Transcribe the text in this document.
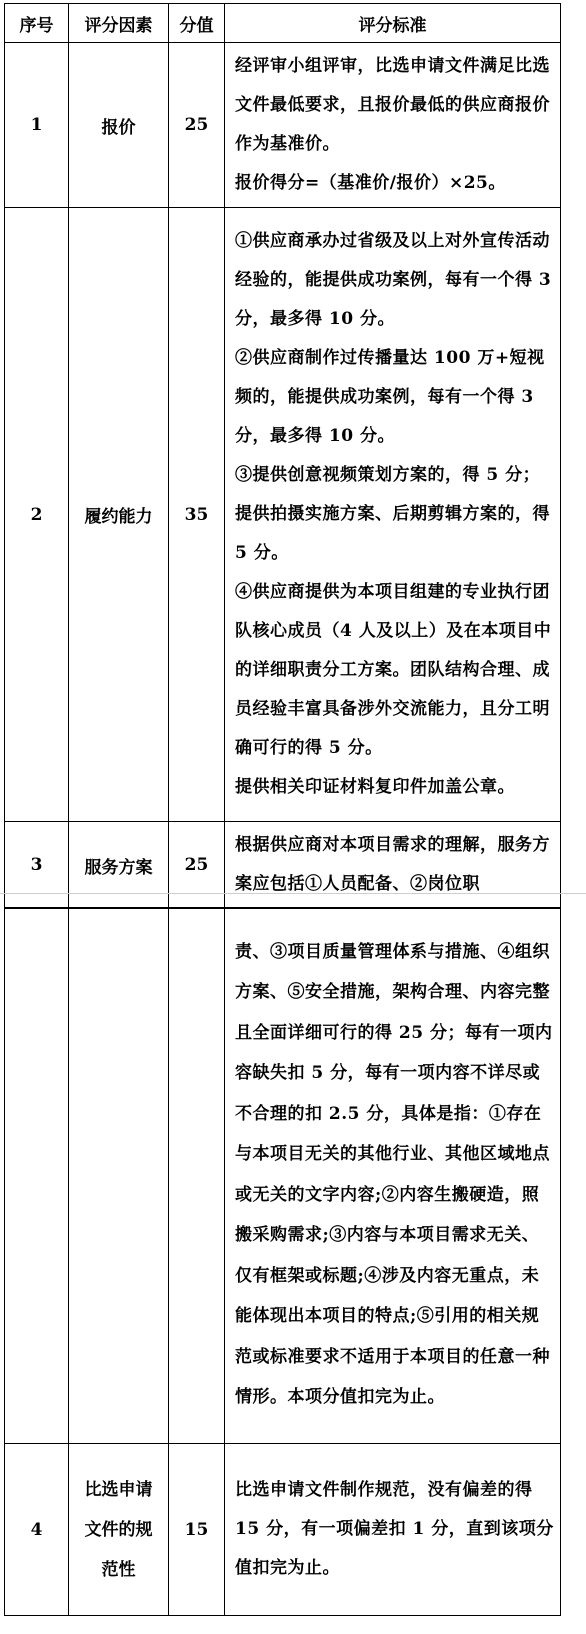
序号	评分因素	分值	评分标准
1	报价	25	经评审小组评审，比选申请文件满足比选文件最低要求，且报价最低的供应商报价作为基准价。

报价得分=（基准价/报价）×25。

2	履约能力	35	①供应商承办过省级及以上对外宣传活动经验的，能提供成功案例，每有一个得 3 分，最多得 10 分。

②供应商制作过传播量达 100 万+短视频的，能提供成功案例，每有一个得 3 分，最多得 10 分。

③提供创意视频策划方案的，得 5 分；提供拍摄实施方案、后期剪辑方案的，得 5 分。

④供应商提供为本项目组建的专业执行团队核心成员（4 人及以上）及在本项目中的详细职责分工方案。团队结构合理、成员经验丰富具备涉外交流能力，且分工明确可行的得 5 分。

提供相关印证材料复印件加盖公章。

3	服务方案	25	根据供应商对本项目需求的理解，服务方案应包括①人员配备、②岗位职

			责、③项目质量管理体系与措施、④组织方案、⑤安全措施，架构合理、内容完整且全面详细可行的得 25 分；每有一项内容缺失扣 5 分，每有一项内容不详尽或不合理的扣 2.5 分，具体是指：①存在与本项目无关的其他行业、其他区域地点或无关的文字内容;②内容生搬硬造，照搬采购需求;③内容与本项目需求无关、仅有框架或标题;④涉及内容无重点，未能体现出本项目的特点;⑤引用的相关规范或标准要求不适用于本项目的任意一种情形。本项分值扣完为止。

4	比选申请文件的规范性	15	比选申请文件制作规范，没有偏差的得 15 分，有一项偏差扣 1 分，直到该项分值扣完为止。
